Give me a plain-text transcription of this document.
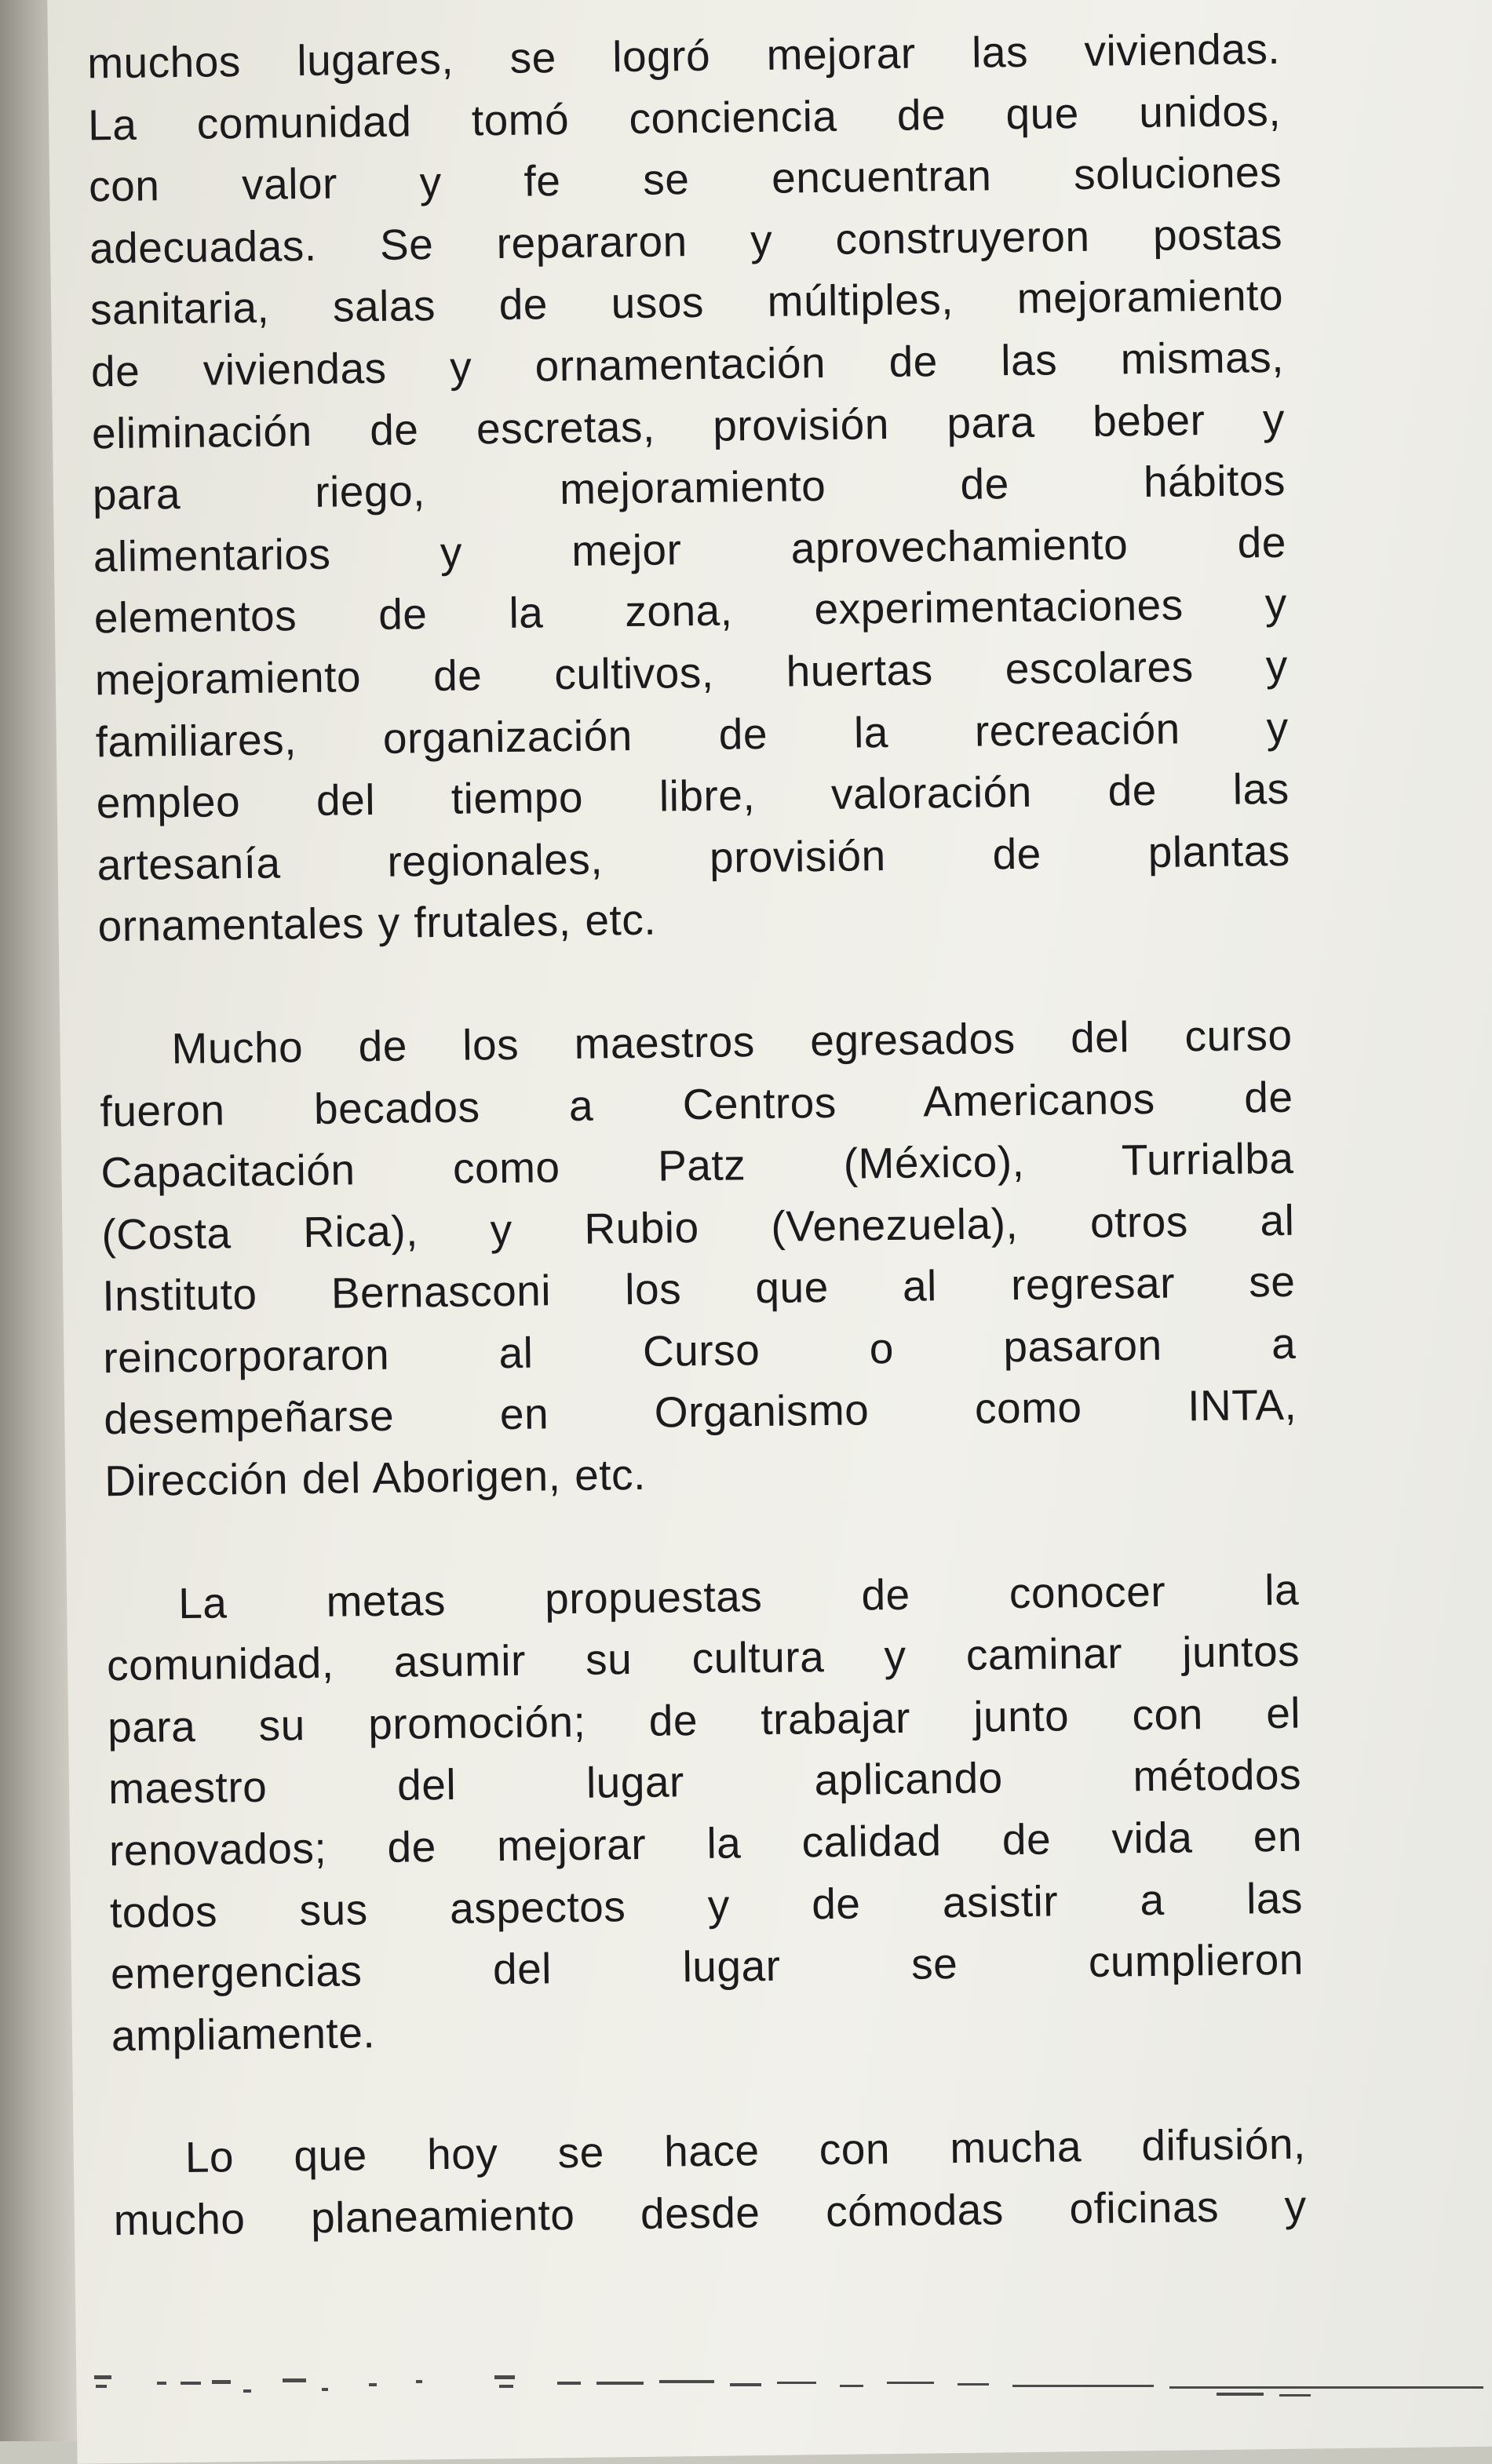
muchos lugares, se logró mejorar las viviendas.
La comunidad tomó conciencia de que unidos,
con valor y fe se encuentran soluciones
adecuadas. Se repararon y construyeron postas
sanitaria, salas de usos múltiples, mejoramiento
de viviendas y ornamentación de las mismas,
eliminación de escretas, provisión para beber y
para riego, mejoramiento de hábitos
alimentarios y mejor aprovechamiento de
elementos de la zona, experimentaciones y
mejoramiento de cultivos, huertas escolares y
familiares, organización de la recreación y
empleo del tiempo libre, valoración de las
artesanía regionales, provisión de plantas
ornamentales y frutales, etc.

Mucho de los maestros egresados del curso
fueron becados a Centros Americanos de
Capacitación como Patz (México), Turrialba
(Costa Rica), y Rubio (Venezuela), otros al
Instituto Bernasconi los que al regresar se
reincorporaron al Curso o pasaron a
desempeñarse en Organismo como INTA,
Dirección del Aborigen, etc.

La metas propuestas de conocer la
comunidad, asumir su cultura y caminar juntos
para su promoción; de trabajar junto con el
maestro del lugar aplicando métodos
renovados; de mejorar la calidad de vida en
todos sus aspectos y de asistir a las
emergencias del lugar se cumplieron
ampliamente.

Lo que hoy se hace con mucha difusión,
mucho planeamiento desde cómodas oficinas y
